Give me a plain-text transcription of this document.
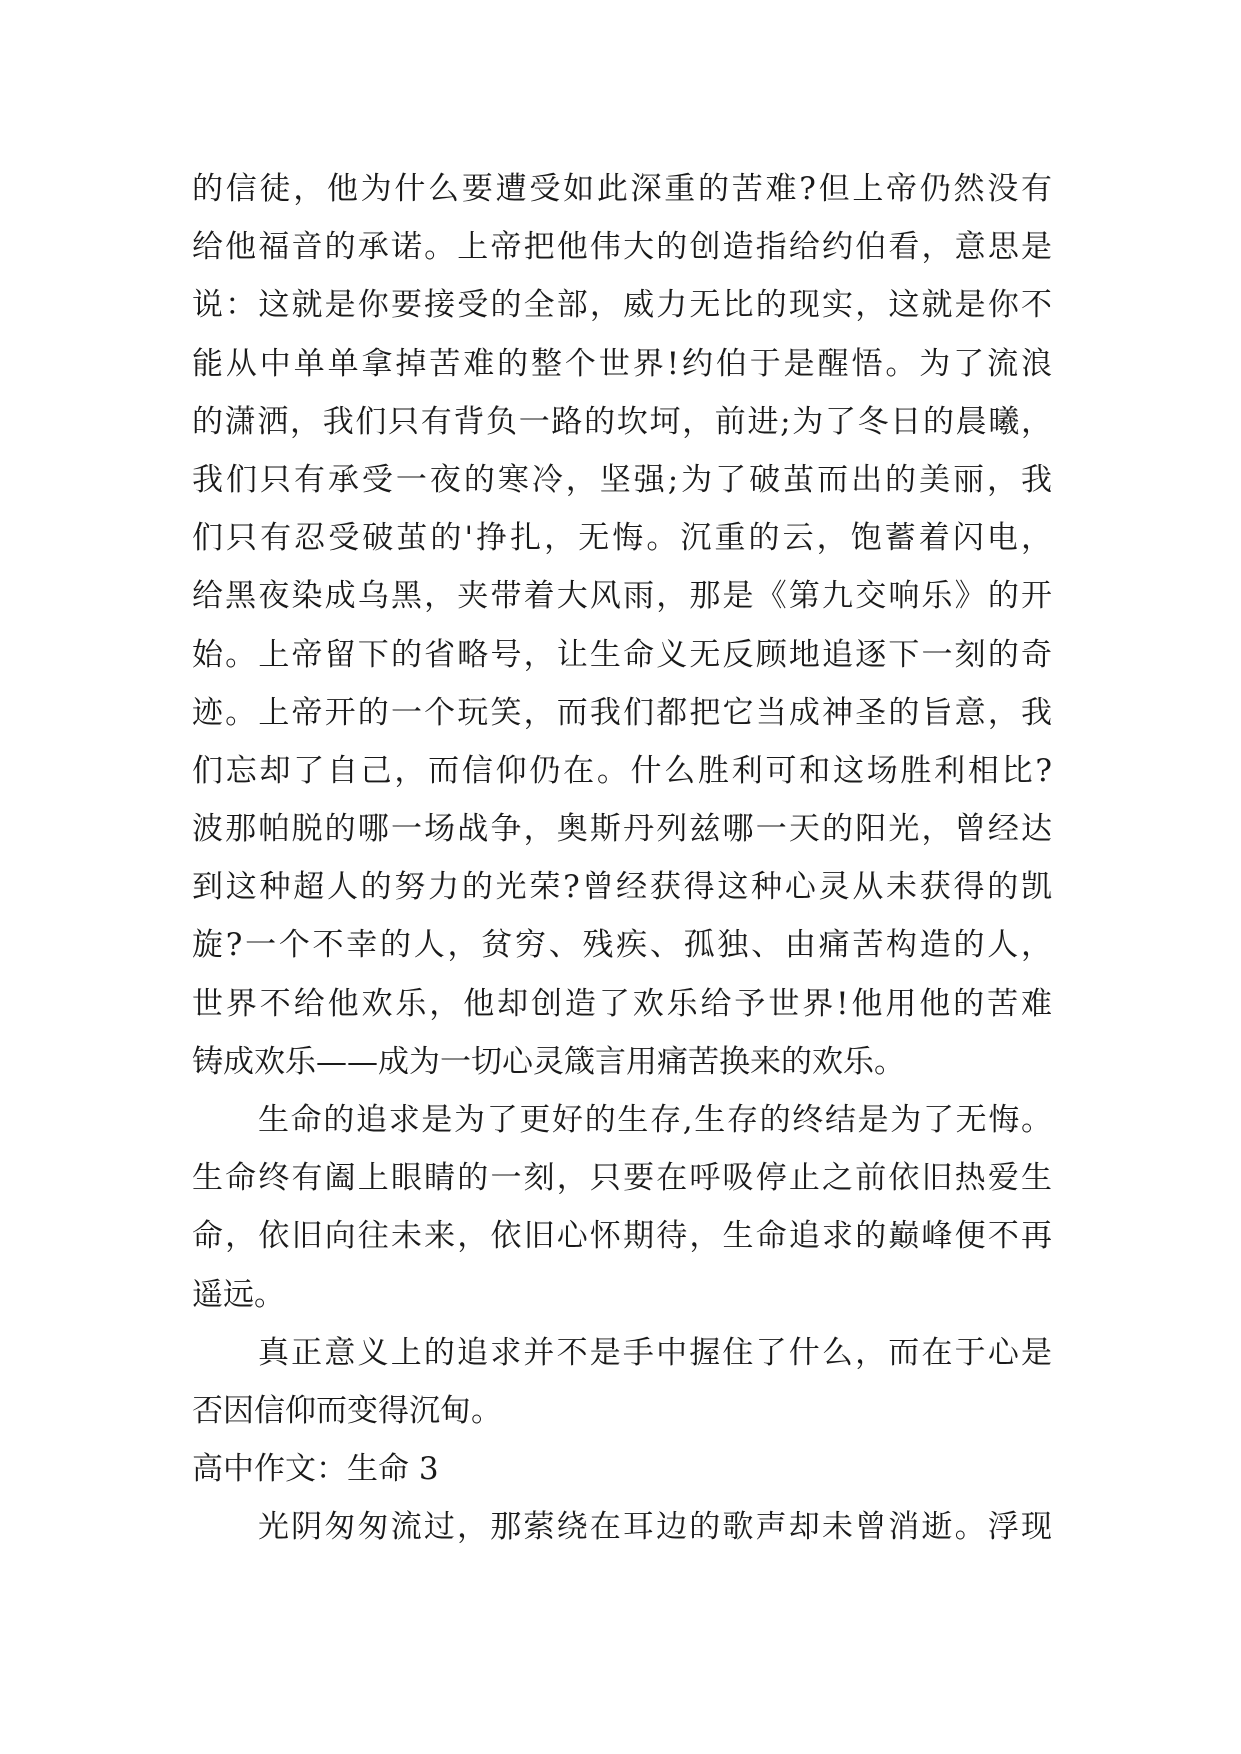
的信徒，他为什么要遭受如此深重的苦难?但上帝仍然没有
给他福音的承诺。上帝把他伟大的创造指给约伯看，意思是
说：这就是你要接受的全部，威力无比的现实，这就是你不
能从中单单拿掉苦难的整个世界!约伯于是醒悟。为了流浪
的潇洒，我们只有背负一路的坎坷，前进;为了冬日的晨曦，
我们只有承受一夜的寒冷，坚强;为了破茧而出的美丽，我
们只有忍受破茧的'挣扎，无悔。沉重的云，饱蓄着闪电，
给黑夜染成乌黑，夹带着大风雨，那是《第九交响乐》的开
始。上帝留下的省略号，让生命义无反顾地追逐下一刻的奇
迹。上帝开的一个玩笑，而我们都把它当成神圣的旨意，我
们忘却了自己，而信仰仍在。什么胜利可和这场胜利相比?
波那帕脱的哪一场战争，奥斯丹列兹哪一天的阳光，曾经达
到这种超人的努力的光荣?曾经获得这种心灵从未获得的凯
旋?一个不幸的人，贫穷、残疾、孤独、由痛苦构造的人，
世界不给他欢乐，他却创造了欢乐给予世界!他用他的苦难
铸成欢乐——成为一切心灵箴言用痛苦换来的欢乐。
生命的追求是为了更好的生存,生存的终结是为了无悔。
生命终有阖上眼睛的一刻，只要在呼吸停止之前依旧热爱生
命，依旧向往未来，依旧心怀期待，生命追求的巅峰便不再
遥远。
真正意义上的追求并不是手中握住了什么，而在于心是
否因信仰而变得沉甸。
高中作文：生命 3
光阴匆匆流过，那萦绕在耳边的歌声却未曾消逝。浮现
